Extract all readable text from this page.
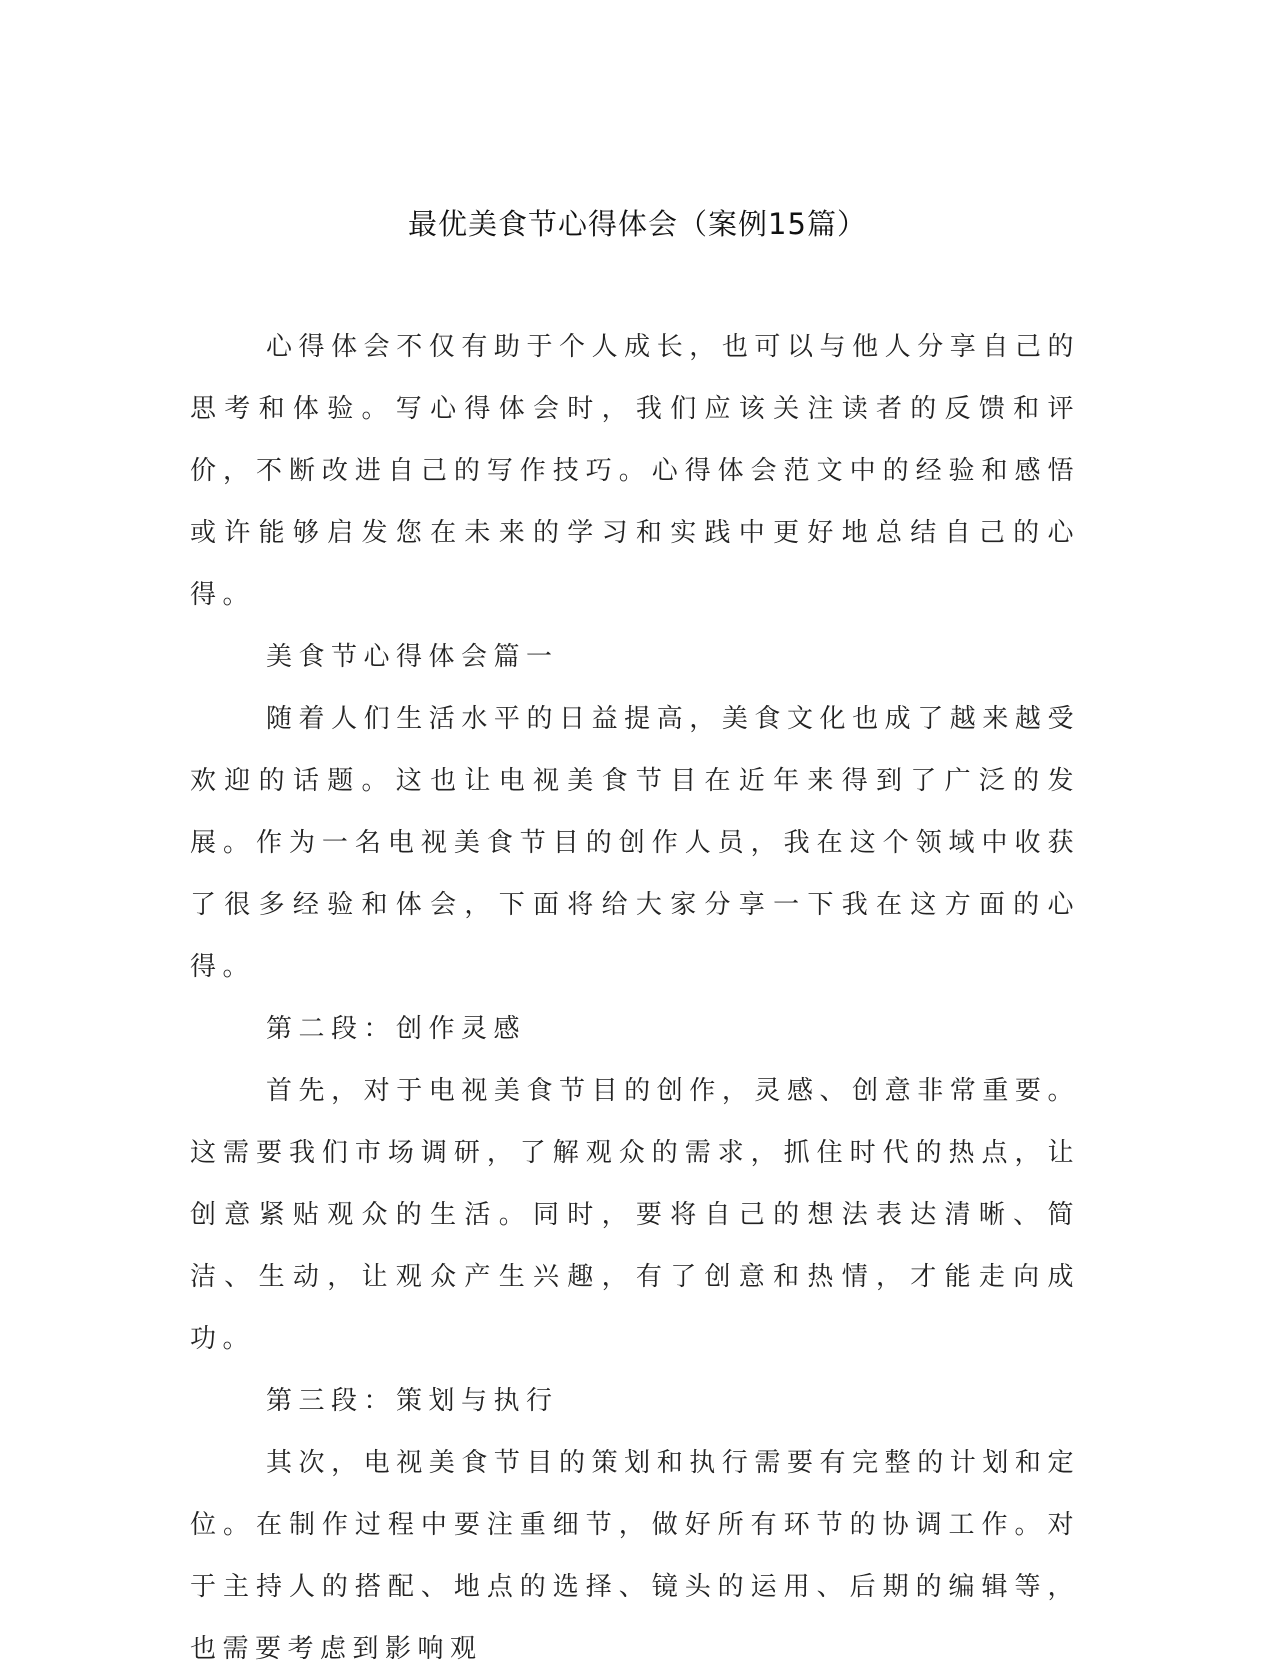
最优美食节心得体会（案例15篇）

心得体会不仅有助于个人成长，也可以与他人分享自己的思考和体验。写心得体会时，我们应该关注读者的反馈和评价，不断改进自己的写作技巧。心得体会范文中的经验和感悟或许能够启发您在未来的学习和实践中更好地总结自己的心得。

美食节心得体会篇一

随着人们生活水平的日益提高，美食文化也成了越来越受欢迎的话题。这也让电视美食节目在近年来得到了广泛的发展。作为一名电视美食节目的创作人员，我在这个领域中收获了很多经验和体会，下面将给大家分享一下我在这方面的心得。

第二段：创作灵感

首先，对于电视美食节目的创作，灵感、创意非常重要。这需要我们市场调研，了解观众的需求，抓住时代的热点，让创意紧贴观众的生活。同时，要将自己的想法表达清晰、简洁、生动，让观众产生兴趣，有了创意和热情，才能走向成功。

第三段：策划与执行

其次，电视美食节目的策划和执行需要有完整的计划和定位。在制作过程中要注重细节，做好所有环节的协调工作。对于主持人的搭配、地点的选择、镜头的运用、后期的编辑等，也需要考虑到影响观
